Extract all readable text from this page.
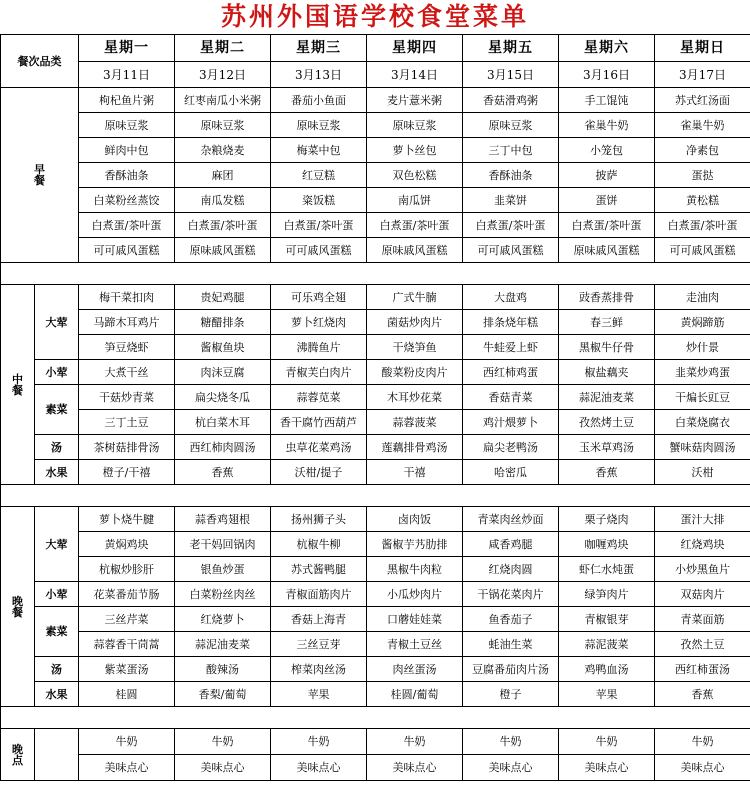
苏州外国语学校食堂菜单
餐次品类		星期一	星期二	星期三	星期四	星期五	星期六	星期日
		3月11日	3月12日	3月13日	3月14日	3月15日	3月16日	3月17日

早
餐		枸杞鱼片粥	红枣南瓜小米粥	番茄小鱼面	麦片薏米粥	香菇滑鸡粥	手工馄饨	苏式红汤面
		原味豆浆	原味豆浆	原味豆浆	原味豆浆	原味豆浆	雀巢牛奶	雀巢牛奶
		鲜肉中包	杂粮烧麦	梅菜中包	萝卜丝包	三丁中包	小笼包	净素包
		香酥油条	麻团	红豆糕	双色松糕	香酥油条	披萨	蛋挞
		白菜粉丝蒸饺	南瓜发糕	粢饭糕	南瓜饼	韭菜饼	蛋饼	黄松糕
		白煮蛋/茶叶蛋	白煮蛋/茶叶蛋	白煮蛋/茶叶蛋	白煮蛋/茶叶蛋	白煮蛋/茶叶蛋	白煮蛋/茶叶蛋	白煮蛋/茶叶蛋
		可可戚风蛋糕	原味戚风蛋糕	可可戚风蛋糕	原味戚风蛋糕	可可戚风蛋糕	原味戚风蛋糕	可可戚风蛋糕

中
餐	大荤	梅干菜扣肉	贵妃鸡腿	可乐鸡全翅	广式牛腩	大盘鸡	豉香蒸排骨	走油肉
		马蹄木耳鸡片	糖醋排条	萝卜红烧肉	菌菇炒肉片	排条烧年糕	春三鲜	黄焖蹄筋
		笋豆烧虾	酱椒鱼块	沸腾鱼片	干烧笋鱼	牛蛙爱上虾	黑椒牛仔骨	炒什景
	小荤	大煮干丝	肉沫豆腐	青椒芙白肉片	酸菜粉皮肉片	西红柿鸡蛋	椒盐藕夹	韭菜炒鸡蛋
	素菜	干菇炒青菜	扁尖烧冬瓜	蒜蓉苋菜	木耳炒花菜	香菇青菜	蒜泥油麦菜	干煸长豇豆
		三丁土豆	杭白菜木耳	香干腐竹西葫芦	蒜蓉菠菜	鸡汁煨萝卜	孜然烤土豆	白菜烧腐衣
	汤	茶树菇排骨汤	西红柿肉圆汤	虫草花菜鸡汤	莲藕排骨鸡汤	扁尖老鸭汤	玉米草鸡汤	蟹味菇肉圆汤
	水果	橙子/干禧	香蕉	沃柑/提子	干禧	哈密瓜	香蕉	沃柑

晚
餐	大荤	萝卜烧牛腱	蒜香鸡翅根	扬州狮子头	卤肉饭	青菜肉丝炒面	栗子烧肉	蛋汁大排
		黄焖鸡块	老干妈回锅肉	杭椒牛柳	酱椒芋艿肋排	咸香鸡腿	咖喱鸡块	红烧鸡块
		杭椒炒胗肝	银鱼炒蛋	苏式酱鸭腿	黑椒牛肉粒	红烧肉圆	虾仁水炖蛋	小炒黑鱼片
	小荤	花菜番茄节肠	白菜粉丝肉丝	青椒面筋肉片	小瓜炒肉片	干锅花菜肉片	绿笋肉片	双菇肉片
	素菜	三丝芹菜	红烧萝卜	香菇上海青	口蘑娃娃菜	鱼香茄子	青椒银芽	青菜面筋
		蒜蓉香干茼蒿	蒜泥油麦菜	三丝豆芽	青椒土豆丝	蚝油生菜	蒜泥菠菜	孜然土豆
	汤	紫菜蛋汤	酸辣汤	榨菜肉丝汤	肉丝蛋汤	豆腐番茄肉片汤	鸡鸭血汤	西红柿蛋汤
	水果	桂圆	香梨/葡萄	苹果	桂圆/葡萄	橙子	苹果	香蕉

晚
点		牛奶	牛奶	牛奶	牛奶	牛奶	牛奶	牛奶
		美味点心	美味点心	美味点心	美味点心	美味点心	美味点心	美味点心
